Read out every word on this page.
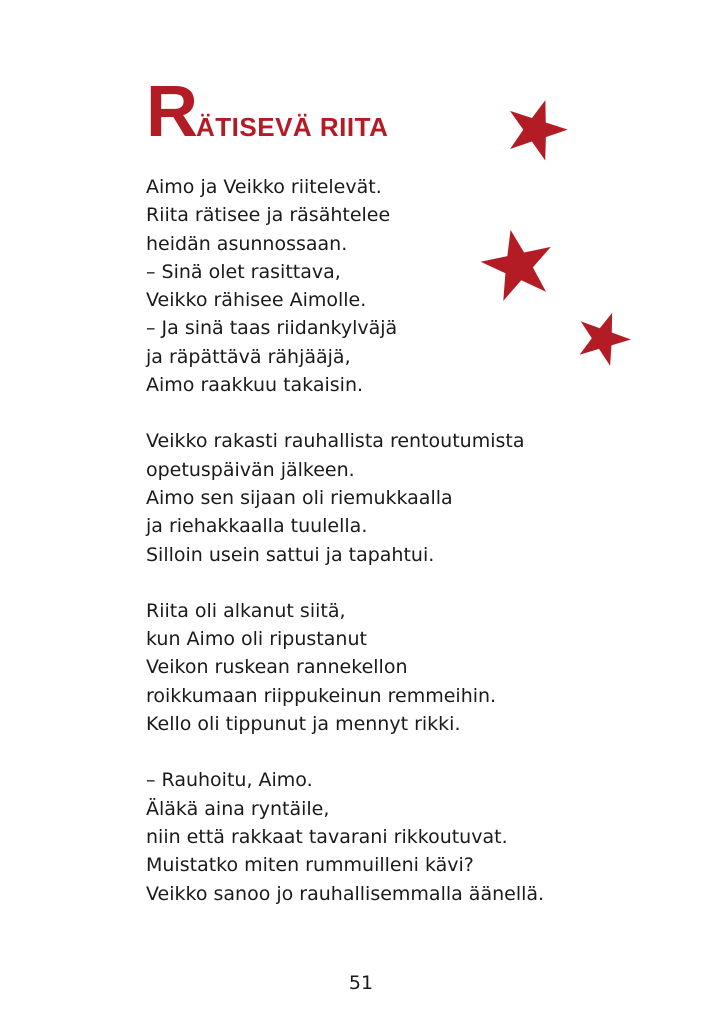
RÄTISEVÄ RIITA

Aimo ja Veikko riitelevät.
Riita rätisee ja räsähtelee
heidän asunnossaan.
– Sinä olet rasittava,
Veikko rähisee Aimolle.
– Ja sinä taas riidankylväjä
ja räpättävä rähjääjä,
Aimo raakkuu takaisin.

Veikko rakasti rauhallista rentoutumista
opetuspäivän jälkeen.
Aimo sen sijaan oli riemukkaalla
ja riehakkaalla tuulella.
Silloin usein sattui ja tapahtui.

Riita oli alkanut siitä,
kun Aimo oli ripustanut
Veikon ruskean rannekellon
roikkumaan riippukeinun remmeihin.
Kello oli tippunut ja mennyt rikki.

– Rauhoitu, Aimo.
Äläkä aina ryntäile,
niin että rakkaat tavarani rikkoutuvat.
Muistatko miten rummuilleni kävi?
Veikko sanoo jo rauhallisemmalla äänellä.

51
